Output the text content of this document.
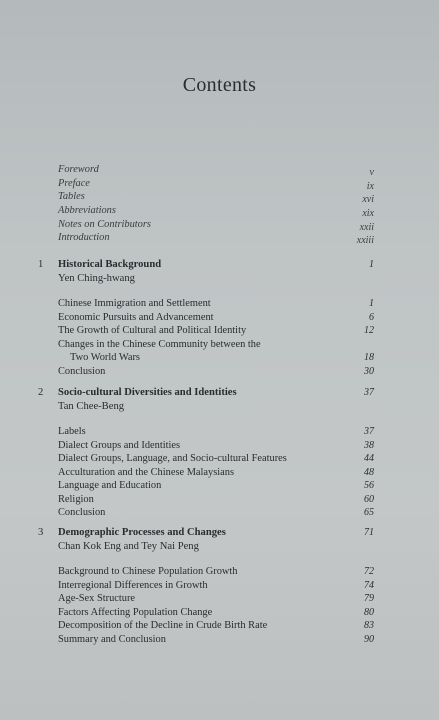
Contents
Foreword	v
Preface	ix
Tables	xvi
Abbreviations	xix
Notes on Contributors	xxii
Introduction	xxiii
1 Historical Background	1
Yen Ching-hwang
Chinese Immigration and Settlement	1
Economic Pursuits and Advancement	6
The Growth of Cultural and Political Identity	12
Changes in the Chinese Community between the
Two World Wars	18
Conclusion	30
2 Socio-cultural Diversities and Identities	37
Tan Chee-Beng
Labels	37
Dialect Groups and Identities	38
Dialect Groups, Language, and Socio-cultural Features	44
Acculturation and the Chinese Malaysians	48
Language and Education	56
Religion	60
Conclusion	65
3 Demographic Processes and Changes	71
Chan Kok Eng and Tey Nai Peng
Background to Chinese Population Growth	72
Interregional Differences in Growth	74
Age-Sex Structure	79
Factors Affecting Population Change	80
Decomposition of the Decline in Crude Birth Rate	83
Summary and Conclusion	90
